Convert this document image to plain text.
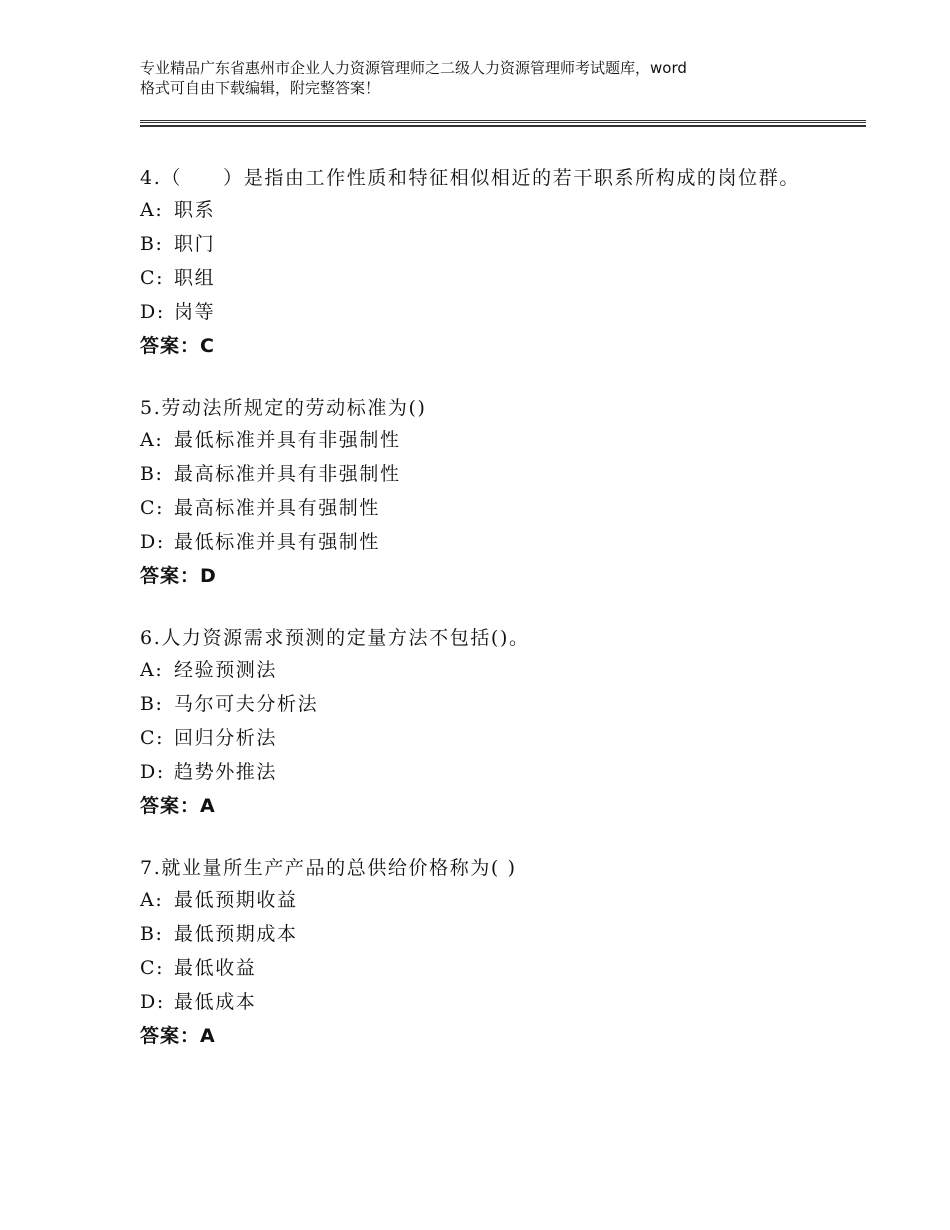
专业精品广东省惠州市企业人力资源管理师之二级人力资源管理师考试题库，word
格式可自由下载编辑，附完整答案！

4.（　　）是指由工作性质和特征相似相近的若干职系所构成的岗位群。

A: 职系

B: 职门

C: 职组

D: 岗等

答案：C

5.劳动法所规定的劳动标准为()

A: 最低标准并具有非强制性

B: 最高标准并具有非强制性

C: 最高标准并具有强制性

D: 最低标准并具有强制性

答案：D

6.人力资源需求预测的定量方法不包括()。

A: 经验预测法

B: 马尔可夫分析法

C: 回归分析法

D: 趋势外推法

答案：A

7.就业量所生产产品的总供给价格称为( )

A: 最低预期收益

B: 最低预期成本

C: 最低收益

D: 最低成本

答案：A
